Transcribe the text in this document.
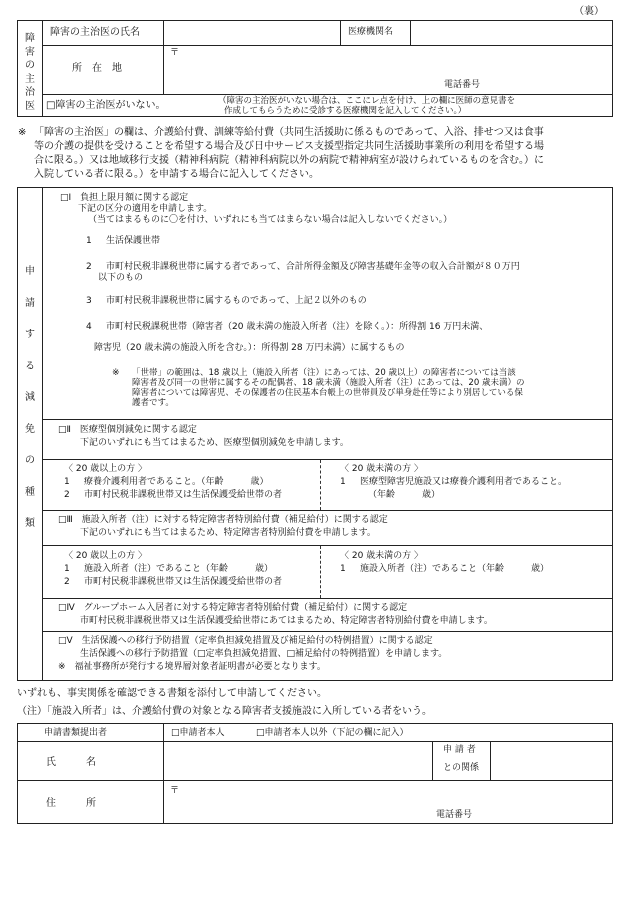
（裏）
障
害
の
主
治
医
障害の主治医の氏名	医療機関名
所　在　地
〒
電話番号
□障害の主治医がいない。	（障害の主治医がいない場合は、ここにレ点を付け、上の欄に医師の意見書を
作成してもらうために受診する医療機関を記入してください。）
※ 「障害の主治医」の欄は、介護給付費、訓練等給付費（共同生活援助に係るものであって、入浴、排せつ又は食事
等の介護の提供を受けることを希望する場合及び日中サービス支援型指定共同生活援助事業所の利用を希望する場
合に限る。）又は地域移行支援（精神科病院（精神科病院以外の病院で精神病室が設けられているものを含む。）に
入院している者に限る。）を申請する場合に記入してください。
申
請
す
る
減
免
の
種
類
□Ⅰ　負担上限月額に関する認定
下記の区分の適用を申請します。
（当てはまるものに〇を付け、いずれにも当てはまらない場合は記入しないでください。）
1 生活保護世帯
2 市町村民税非課税世帯に属する者であって、合計所得金額及び障害基礎年金等の収入合計額が８０万円
以下のもの
3 市町村民税非課税世帯に属するものであって、上記２以外のもの
4 市町村民税課税世帯（障害者（20 歳未満の施設入所者（注）を除く。）：所得割 16 万円未満、
障害児（20 歳未満の施設入所を含む。）：所得割 28 万円未満）に属するもの
※ 「世帯」の範囲は、18 歳以上（施設入所者（注）にあっては、20 歳以上）の障害者については当該
障害者及び同一の世帯に属するその配偶者、18 歳未満（施設入所者（注）にあっては、20 歳未満）の
障害者については障害児、その保護者の住民基本台帳上の世帯員及び単身赴任等により別居している保
護者です。
□Ⅱ　医療型個別減免に関する認定
下記のいずれにも当てはまるため、医療型個別減免を申請します。
〈 20 歳以上の方 〉
1 療養介護利用者であること。（年齢　　　歳）
2 市町村民税非課税世帯又は生活保護受給世帯の者
〈 20 歳未満の方 〉
1 医療型障害児施設又は療養介護利用者であること。
（年齢　　　歳）
□Ⅲ　施設入所者（注）に対する特定障害者特別給付費（補足給付）に関する認定
下記のいずれにも当てはまるため、特定障害者特別給付費を申請します。
〈 20 歳以上の方 〉
1 施設入所者（注）であること（年齢　　　歳）
2 市町村民税非課税世帯又は生活保護受給世帯の者
〈 20 歳未満の方 〉
1 施設入所者（注）であること（年齢　　　歳）
□Ⅳ　グループホーム入居者に対する特定障害者特別給付費（補足給付）に関する認定
市町村民税非課税世帯又は生活保護受給世帯にあてはまるため、特定障害者特別給付費を申請します。
□Ⅴ　生活保護への移行予防措置（定率負担減免措置及び補足給付の特例措置）に関する認定
生活保護への移行予防措置（□定率負担減免措置、□補足給付の特例措置）を申請します。
※　福祉事務所が発行する境界層対象者証明書が必要となります。
いずれも、事実関係を確認できる書類を添付して申請してください。
（注）「施設入所者」は、介護給付費の対象となる障害者支援施設に入所している者をいう。
申請書類提出者	□申請者本人	□申請者本人以外（下記の欄に記入）
氏　　　名
申 請 者
との関係
住　　　所
〒
電話番号
